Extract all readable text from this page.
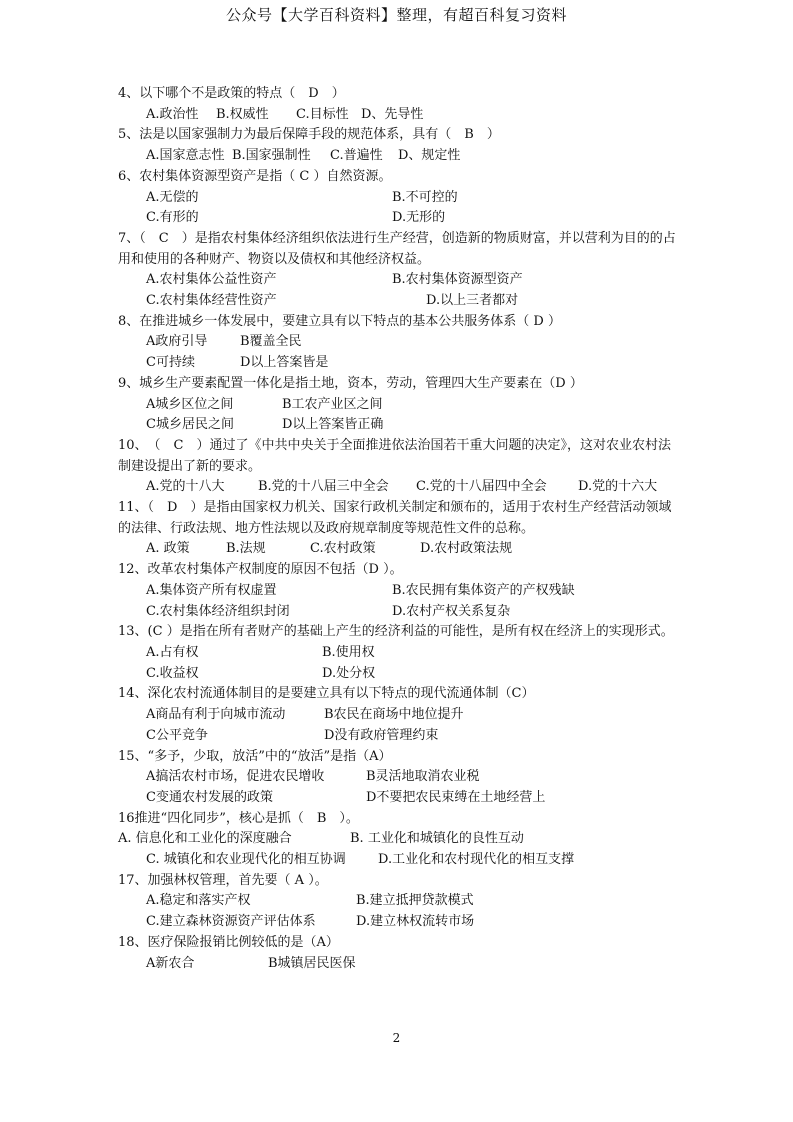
公众号【大学百科资料】整理，有超百科复习资料
4、以下哪个不是政策的特点（　D　）
A.政治性	B.权威性	C.目标性 D、先导性
5、法是以国家强制力为最后保障手段的规范体系，具有（　B　）
A.国家意志性 B.国家强制性	C.普遍性	D、规定性
6、农村集体资源型资产是指（ C ）自然资源。
A.无偿的	B.不可控的
C.有形的	D.无形的
7、（　C　）是指农村集体经济组织依法进行生产经营，创造新的物质财富，并以营利为目的的占用和使用的各种财产、物资以及债权和其他经济权益。
A.农村集体公益性资产	B.农村集体资源型资产
C.农村集体经营性资产	D.以上三者都对
8、在推进城乡一体发展中，要建立具有以下特点的基本公共服务体系（ D ）
A政府引导	B覆盖全民
C可持续	D以上答案皆是
9、城乡生产要素配置一体化是指土地，资本，劳动，管理四大生产要素在（D ）
A城乡区位之间	B工农产业区之间
C城乡居民之间	D以上答案皆正确
10、　（　C　）通过了《中共中央关于全面推进依法治国若干重大问题的决定》，这对农业农村法制建设提出了新的要求。
A.党的十八大	B.党的十八届三中全会	C.党的十八届四中全会	D.党的十六大
11、（　D　）是指由国家权力机关、国家行政机关制定和颁布的，适用于农村生产经营活动领域的法律、行政法规、地方性法规以及政府规章制度等规范性文件的总称。
A. 政策	B.法规	C.农村政策	D.农村政策法规
12、改革农村集体产权制度的原因不包括（D ）。
A.集体资产所有权虚置	B.农民拥有集体资产的产权残缺
C.农村集体经济组织封闭	D.农村产权关系复杂
13、(C ）是指在所有者财产的基础上产生的经济利益的可能性，是所有权在经济上的实现形式。
A.占有权	B.使用权
C.收益权	D.处分权
14、深化农村流通体制目的是要建立具有以下特点的现代流通体制（C）
A商品有利于向城市流动	B农民在商场中地位提升
C公平竞争	D没有政府管理约束
15、“多予，少取，放活”中的“放活”是指（A）
A搞活农村市场，促进农民增收	B灵活地取消农业税
C变通农村发展的政策	D不要把农民束缚在土地经营上
16推进“四化同步”，核心是抓（　B　）。
A. 信息化和工业化的深度融合	B. 工业化和城镇化的良性互动
C. 城镇化和农业现代化的相互协调	D.工业化和农村现代化的相互支撑
17、加强林权管理，首先要（ A ）。
A.稳定和落实产权	B.建立抵押贷款模式
C.建立森林资源资产评估体系	D.建立林权流转市场
18、医疗保险报销比例较低的是（A）
A新农合	B城镇居民医保
2
